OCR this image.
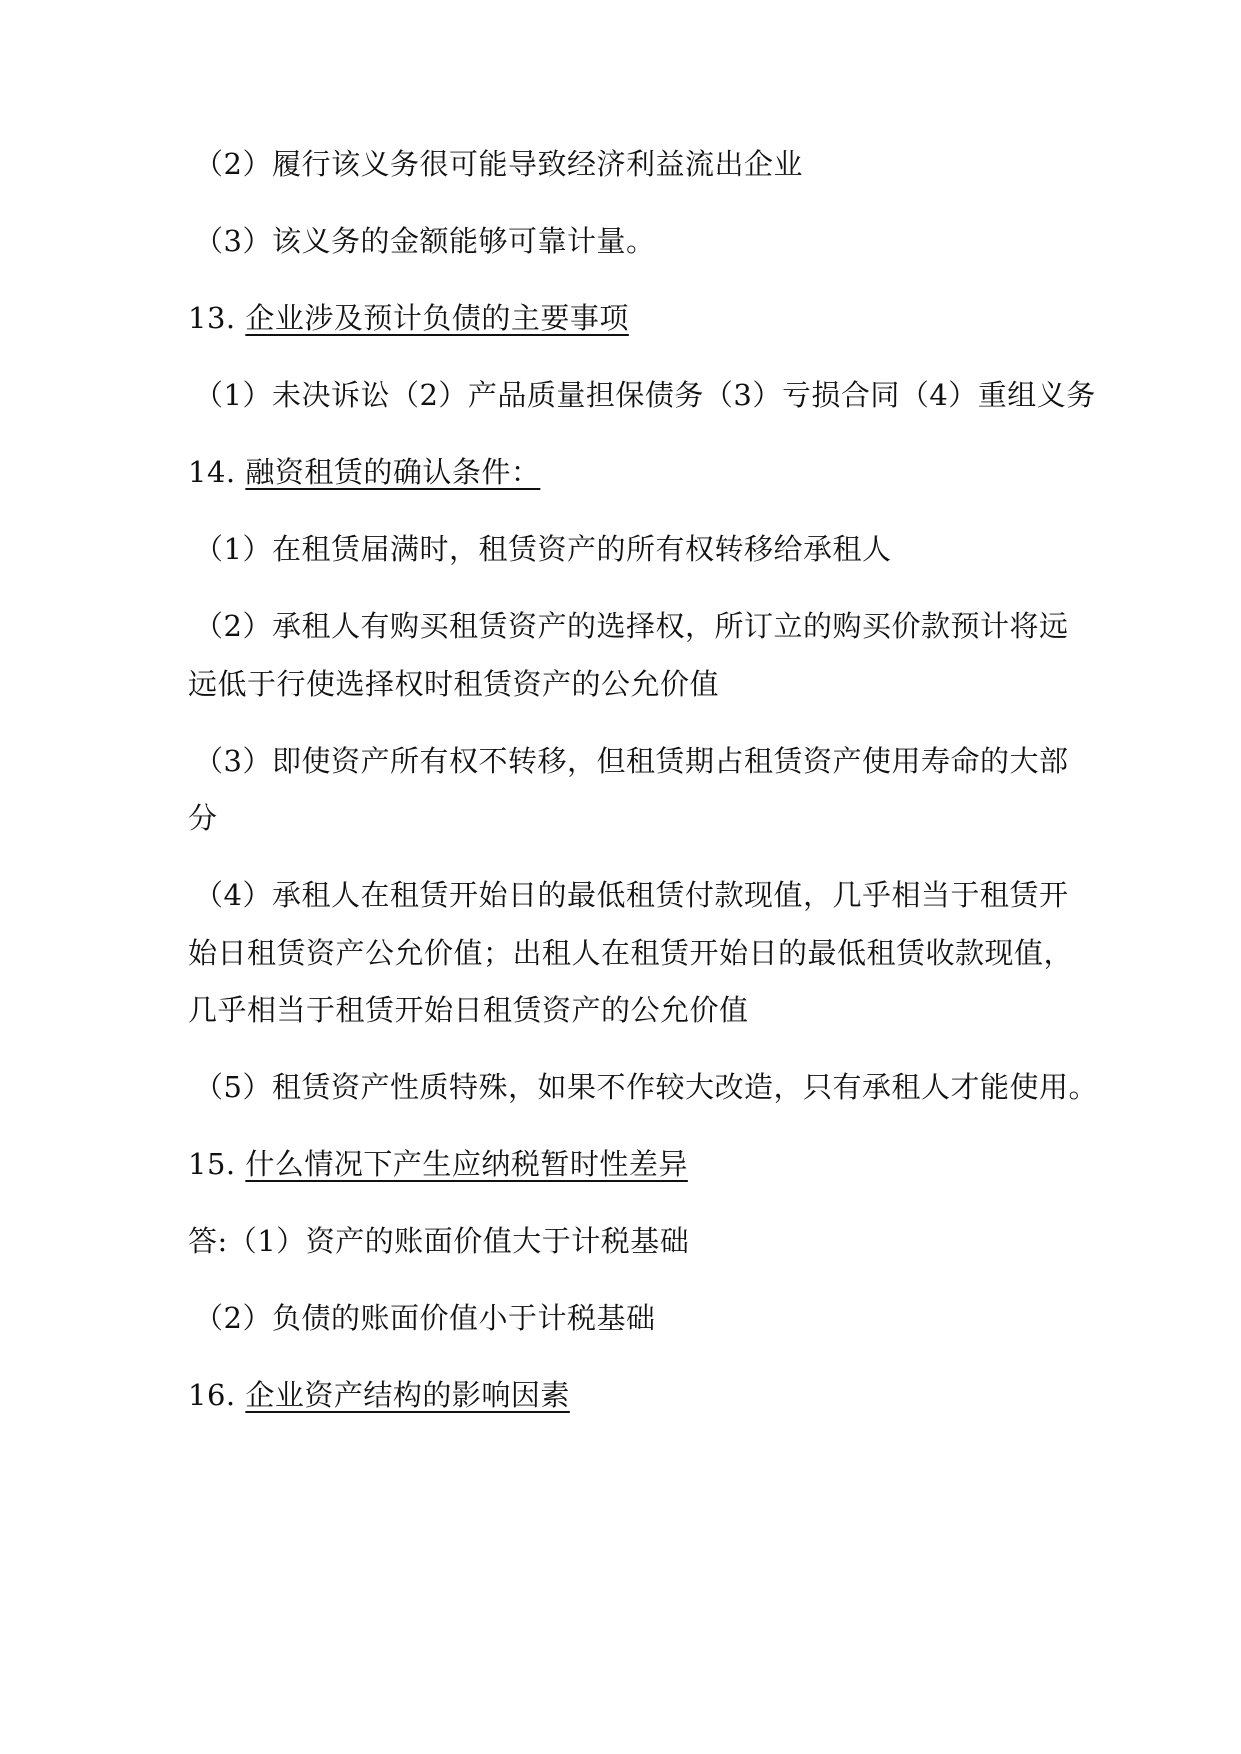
（2）履行该义务很可能导致经济利益流出企业
（3）该义务的金额能够可靠计量。
13. 企业涉及预计负债的主要事项
（1）未决诉讼（2）产品质量担保债务（3）亏损合同（4）重组义务
14. 融资租赁的确认条件：
（1）在租赁届满时，租赁资产的所有权转移给承租人
（2）承租人有购买租赁资产的选择权，所订立的购买价款预计将远
远低于行使选择权时租赁资产的公允价值
（3）即使资产所有权不转移，但租赁期占租赁资产使用寿命的大部
分
（4）承租人在租赁开始日的最低租赁付款现值，几乎相当于租赁开
始日租赁资产公允价值；出租人在租赁开始日的最低租赁收款现值，
几乎相当于租赁开始日租赁资产的公允价值
（5）租赁资产性质特殊，如果不作较大改造，只有承租人才能使用。
15. 什么情况下产生应纳税暂时性差异
答:（1）资产的账面价值大于计税基础
（2）负债的账面价值小于计税基础
16. 企业资产结构的影响因素
